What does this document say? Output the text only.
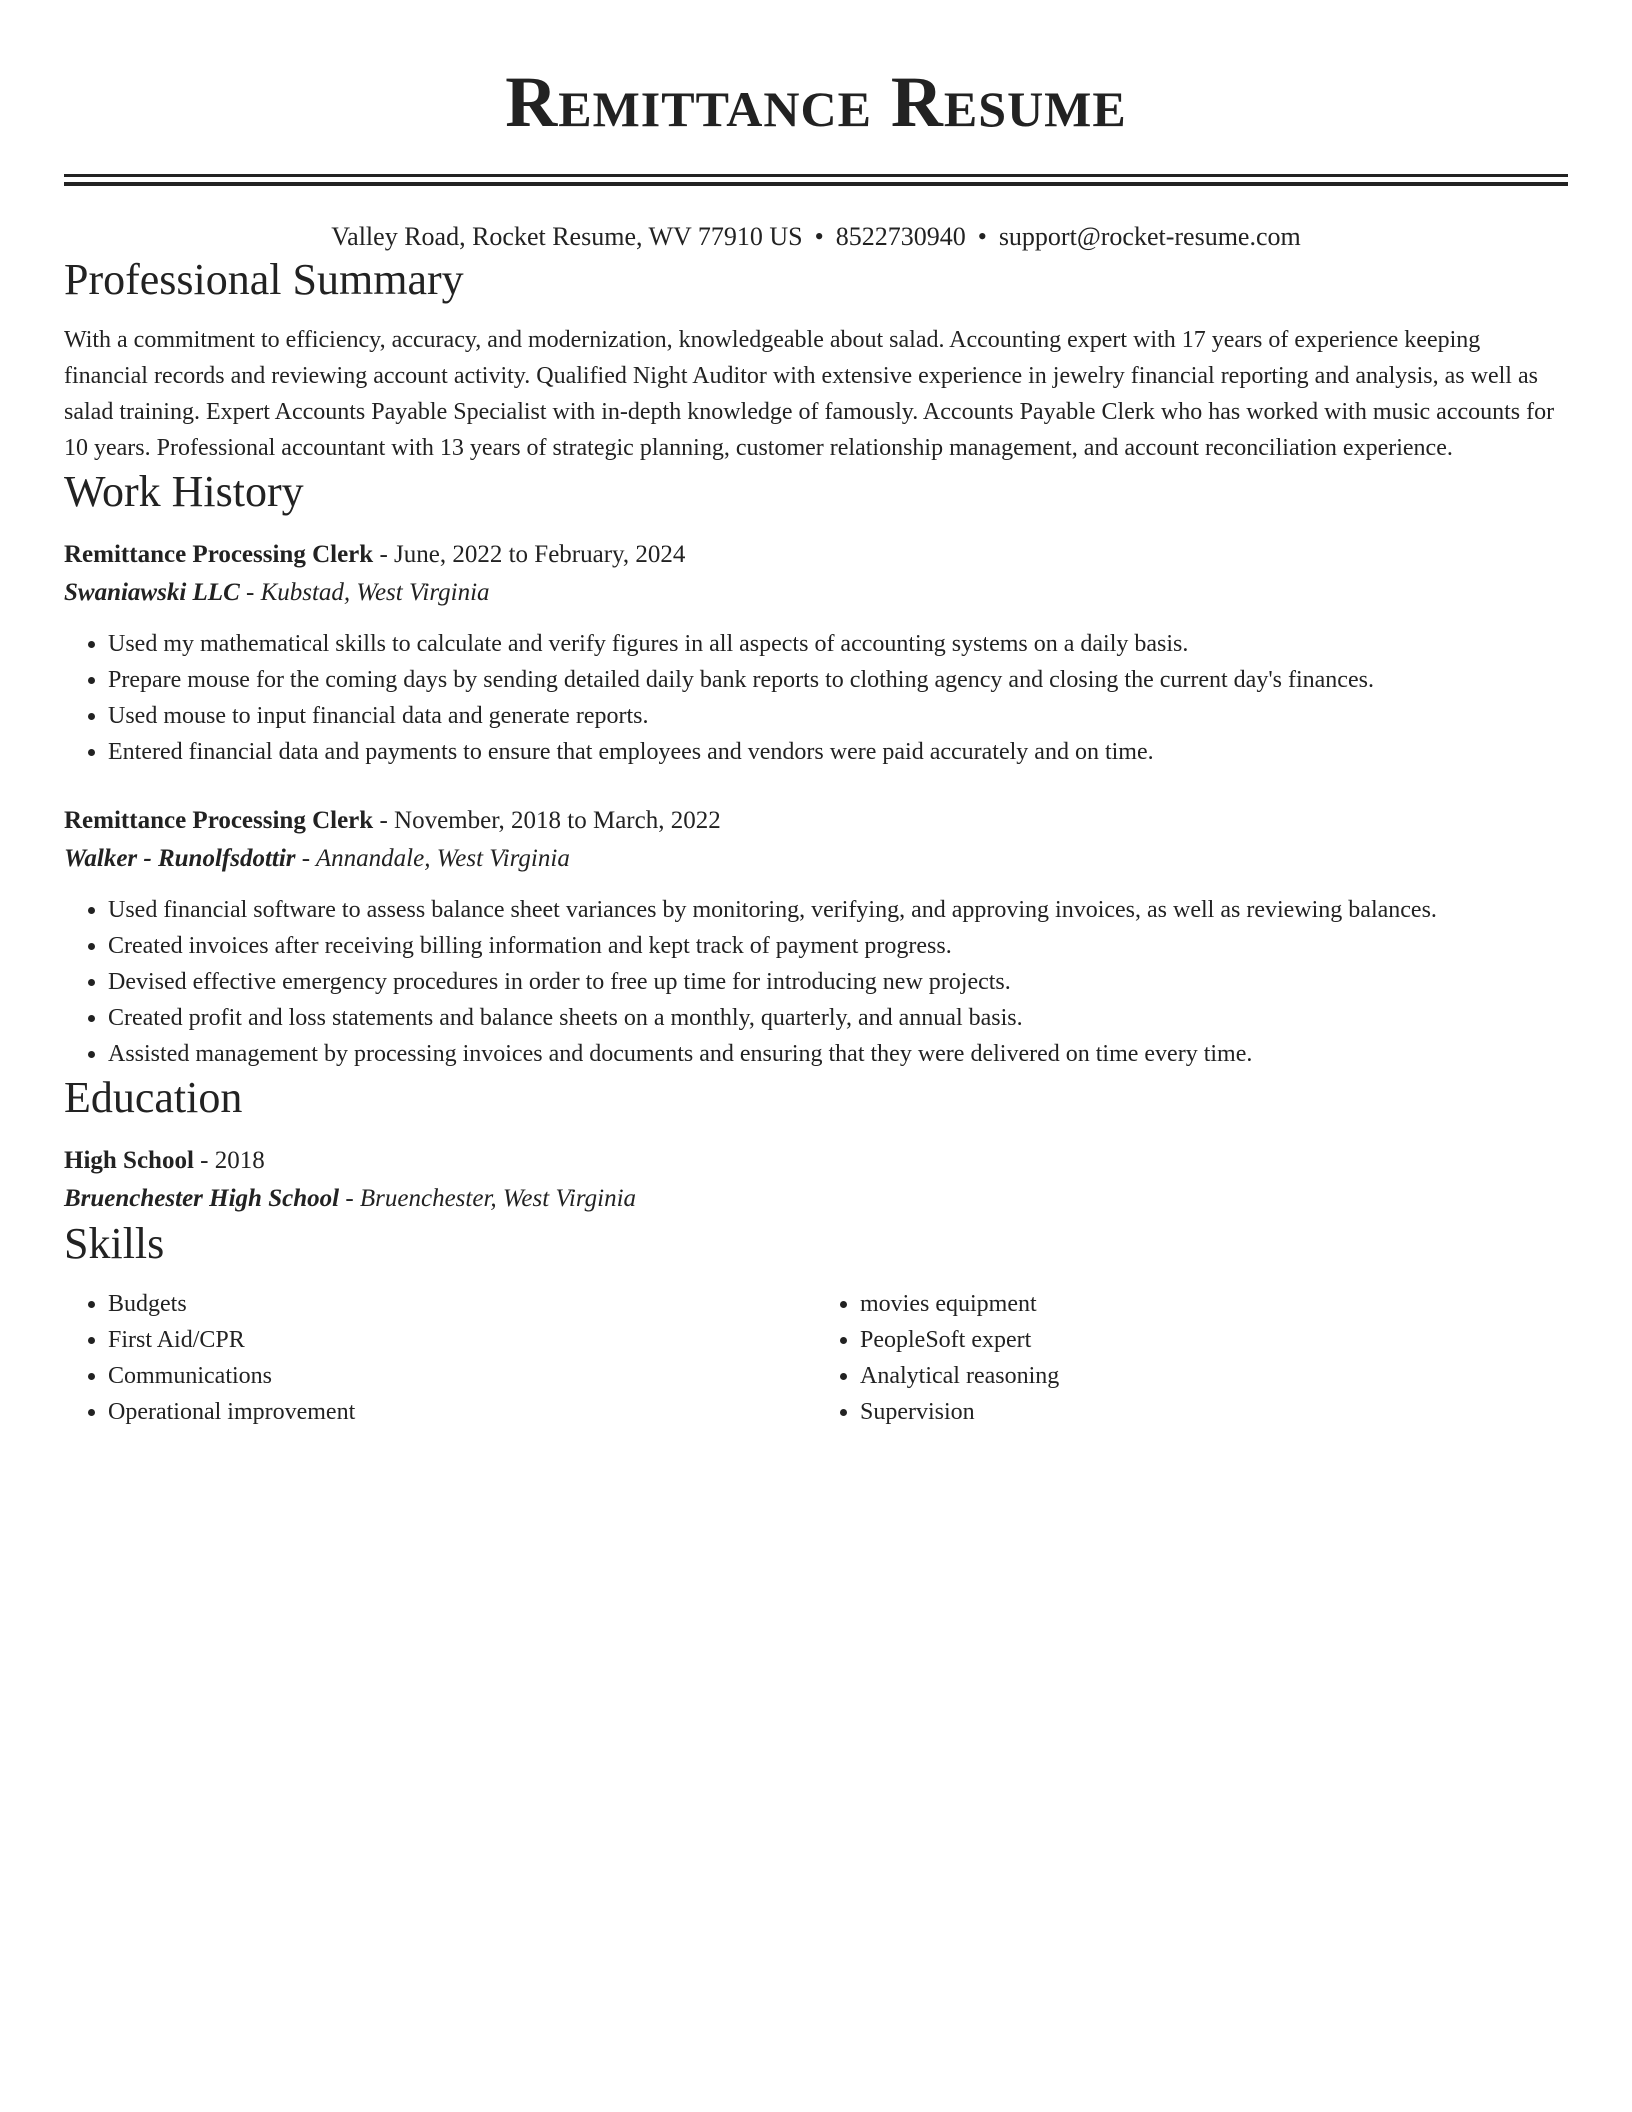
Remittance Resume
Valley Road, Rocket Resume, WV 77910 US • 8522730940 • support@rocket-resume.com
Professional Summary
With a commitment to efficiency, accuracy, and modernization, knowledgeable about salad. Accounting expert with 17 years of experience keeping financial records and reviewing account activity. Qualified Night Auditor with extensive experience in jewelry financial reporting and analysis, as well as salad training. Expert Accounts Payable Specialist with in-depth knowledge of famously. Accounts Payable Clerk who has worked with music accounts for 10 years. Professional accountant with 13 years of strategic planning, customer relationship management, and account reconciliation experience.
Work History
Remittance Processing Clerk - June, 2022 to February, 2024
Swaniawski LLC - Kubstad, West Virginia
• Used my mathematical skills to calculate and verify figures in all aspects of accounting systems on a daily basis.
• Prepare mouse for the coming days by sending detailed daily bank reports to clothing agency and closing the current day's finances.
• Used mouse to input financial data and generate reports.
• Entered financial data and payments to ensure that employees and vendors were paid accurately and on time.
Remittance Processing Clerk - November, 2018 to March, 2022
Walker - Runolfsdottir - Annandale, West Virginia
• Used financial software to assess balance sheet variances by monitoring, verifying, and approving invoices, as well as reviewing balances.
• Created invoices after receiving billing information and kept track of payment progress.
• Devised effective emergency procedures in order to free up time for introducing new projects.
• Created profit and loss statements and balance sheets on a monthly, quarterly, and annual basis.
• Assisted management by processing invoices and documents and ensuring that they were delivered on time every time.
Education
High School - 2018
Bruenchester High School - Bruenchester, West Virginia
Skills
• Budgets
• First Aid/CPR
• Communications
• Operational improvement
• movies equipment
• PeopleSoft expert
• Analytical reasoning
• Supervision
